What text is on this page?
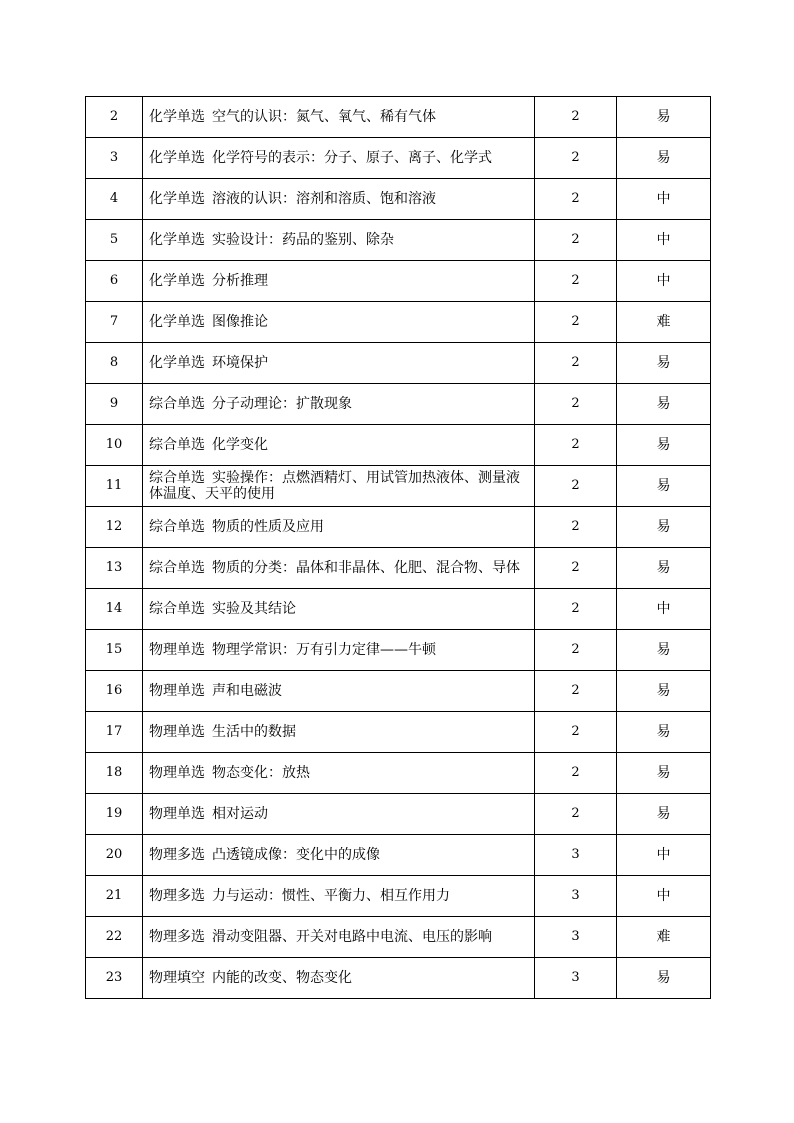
2	化学单选 空气的认识：氮气、氧气、稀有气体	2	易
3	化学单选 化学符号的表示：分子、原子、离子、化学式	2	易
4	化学单选 溶液的认识：溶剂和溶质、饱和溶液	2	中
5	化学单选 实验设计：药品的鉴别、除杂	2	中
6	化学单选 分析推理	2	中
7	化学单选 图像推论	2	难
8	化学单选 环境保护	2	易
9	综合单选 分子动理论：扩散现象	2	易
10	综合单选 化学变化	2	易
11	综合单选 实验操作：点燃酒精灯、用试管加热液体、测量液体温度、天平的使用	2	易
12	综合单选 物质的性质及应用	2	易
13	综合单选 物质的分类：晶体和非晶体、化肥、混合物、导体	2	易
14	综合单选 实验及其结论	2	中
15	物理单选 物理学常识：万有引力定律——牛顿	2	易
16	物理单选 声和电磁波	2	易
17	物理单选 生活中的数据	2	易
18	物理单选 物态变化：放热	2	易
19	物理单选 相对运动	2	易
20	物理多选 凸透镜成像：变化中的成像	3	中
21	物理多选 力与运动：惯性、平衡力、相互作用力	3	中
22	物理多选 滑动变阻器、开关对电路中电流、电压的影响	3	难
23	物理填空 内能的改变、物态变化	3	易
